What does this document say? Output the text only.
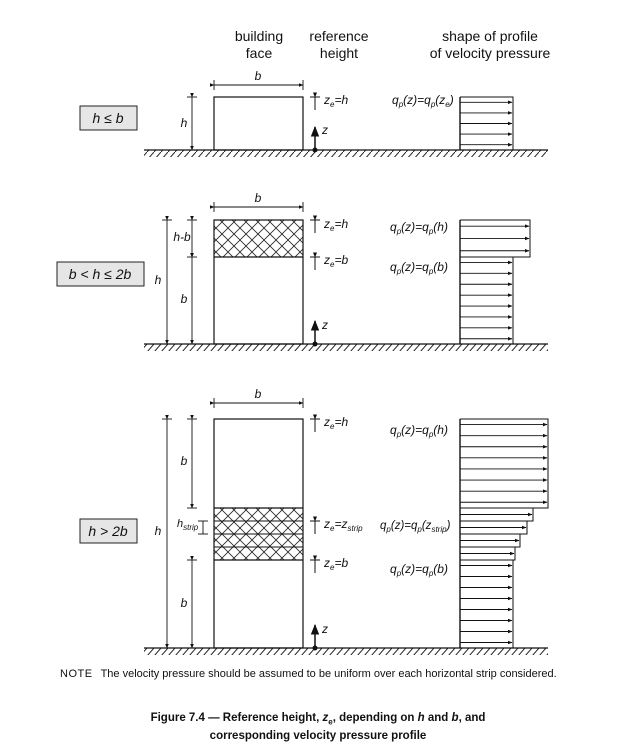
building
face
reference
height
shape of profile
of velocity pressure
h ≤ b
b
h
$z_e=h$
z
$q_p(z)=q_p(z_e)$
b < h ≤ 2b
b
h
h-b
b
$z_e=h$
$z_e=b$
z
$q_p(z)=q_p(h)$
$q_p(z)=q_p(b)$
h > 2b
b
h
b
$h_{strip}$
b
$z_e=h$
$z_e=z_{strip}$
$z_e=b$
z
$q_p(z)=q_p(h)$
$q_p(z)=q_p(z_{strip})$
$q_p(z)=q_p(b)$
NOTE The velocity pressure should be assumed to be uniform over each horizontal strip considered.
Figure 7.4 — Reference height, $z_e$, depending on h and b, and
corresponding velocity pressure profile
